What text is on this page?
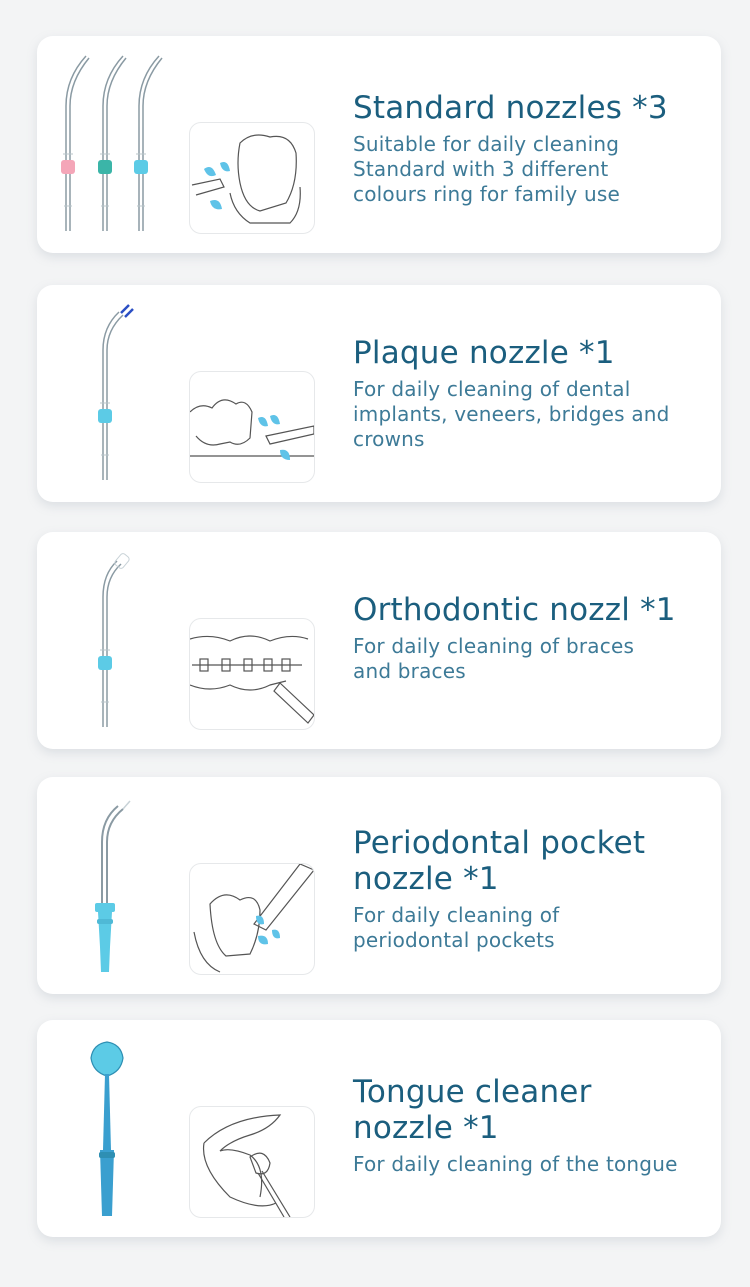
Standard nozzles *3
Suitable for daily cleaning
Standard with 3 different
colours ring for family use
Plaque nozzle *1
For daily cleaning of dental
implants, veneers, bridges and
crowns
Orthodontic nozzl *1
For daily cleaning of braces
and braces
Periodontal pocket
nozzle *1
For daily cleaning of
periodontal pockets
Tongue cleaner
nozzle *1
For daily cleaning of the tongue
